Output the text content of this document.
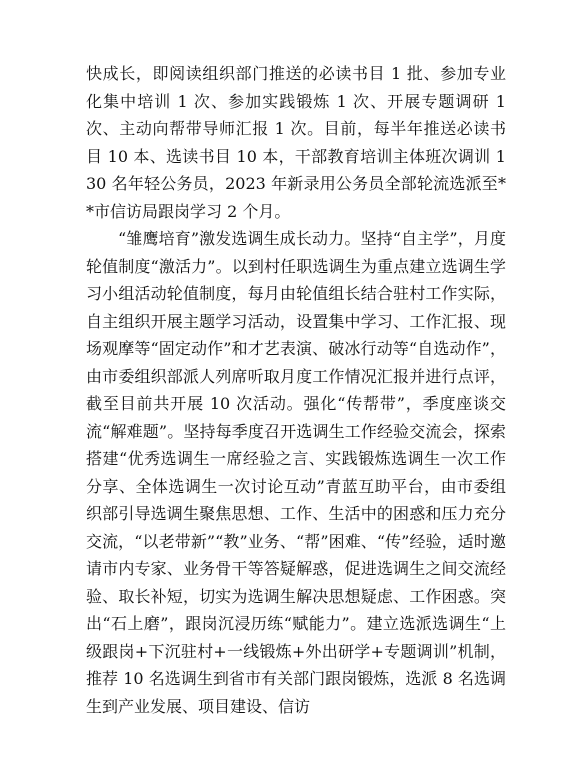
快成长，即阅读组织部门推送的必读书目 1 批、参加专业化集中培训 1 次、参加实践锻炼 1 次、开展专题调研 1 次、主动向帮带导师汇报 1 次。目前，每半年推送必读书目 10 本、选读书目 10 本，干部教育培训主体班次调训 130 名年轻公务员，2023 年新录用公务员全部轮流选派至**市信访局跟岗学习 2 个月。

“雏鹰培育”激发选调生成长动力。坚持“自主学”，月度轮值制度“激活力”。以到村任职选调生为重点建立选调生学习小组活动轮值制度，每月由轮值组长结合驻村工作实际，自主组织开展主题学习活动，设置集中学习、工作汇报、现场观摩等“固定动作”和才艺表演、破冰行动等“自选动作”，由市委组织部派人列席听取月度工作情况汇报并进行点评，截至目前共开展 10 次活动。强化“传帮带”，季度座谈交流“解难题”。坚持每季度召开选调生工作经验交流会，探索搭建“优秀选调生一席经验之言、实践锻炼选调生一次工作分享、全体选调生一次讨论互动”青蓝互助平台，由市委组织部引导选调生聚焦思想、工作、生活中的困惑和压力充分交流，“以老带新”“教”业务、“帮”困难、“传”经验，适时邀请市内专家、业务骨干等答疑解惑，促进选调生之间交流经验、取长补短，切实为选调生解决思想疑虑、工作困惑。突出“石上磨”，跟岗沉浸历练“赋能力”。建立选派选调生“上级跟岗+下沉驻村+一线锻炼+外出研学+专题调训”机制，推荐 10 名选调生到省市有关部门跟岗锻炼，选派 8 名选调生到产业发展、项目建设、信访
